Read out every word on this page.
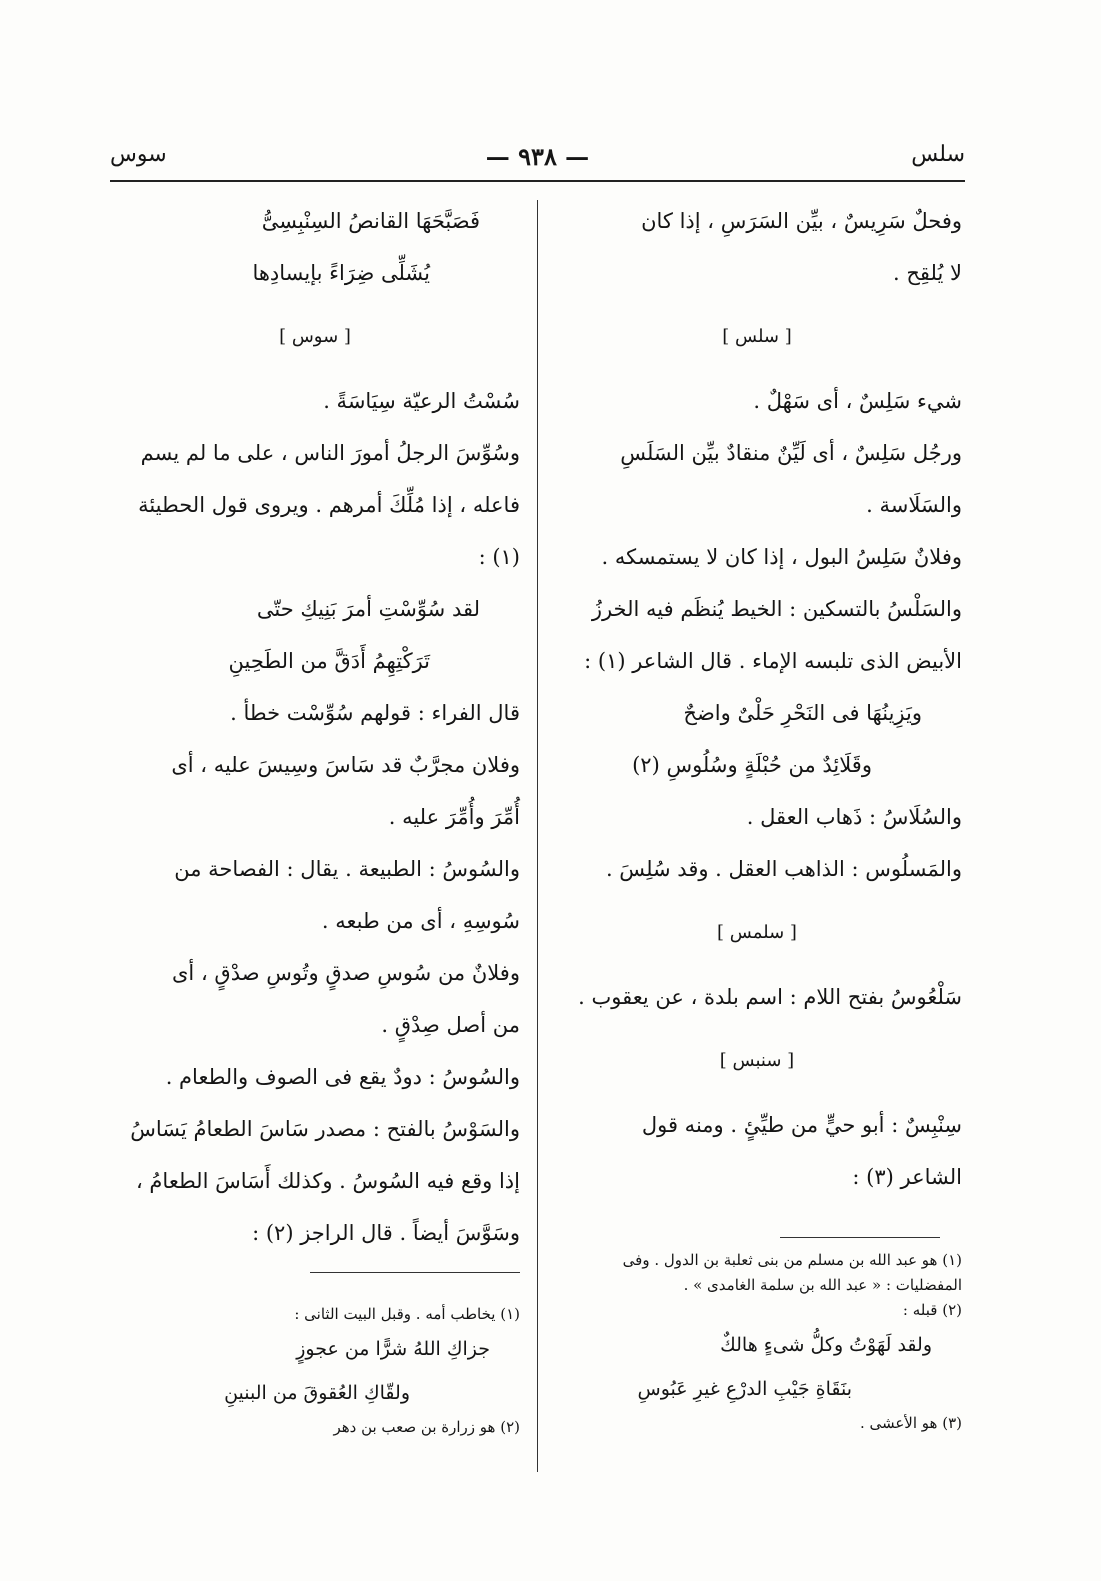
سلس
— ٩٣٨ —
سوس

وفحلٌ سَرِيسٌ ، بيِّن السَرَسِ ، إذا كان

لا يُلقِح .

[ سلس ]

شيء سَلِسٌ ، أى سَهْلٌ .

ورجُل سَلِسٌ ، أى لَيِّنٌ منقادٌ بيِّن السَلَسِ

والسَلَاسة .

وفلانٌ سَلِسُ البول ، إذا كان لا يستمسكه .

والسَلْسُ بالتسكين : الخيط يُنظَم فيه الخرزُ

الأبيض الذى تلبسه الإماء . قال الشاعر (١) :

ويَزِينُهَا فى النَحْرِ حَلْىٌ واضحٌ

وقَلَائِدٌ من حُبْلَةٍ وسُلُوسِ (٢)

والسُلَاسُ : ذَهاب العقل .

والمَسلُوس : الذاهب العقل . وقد سُلِسَ .

[ سلمس ]

سَلْعُوسُ بفتح اللام : اسم بلدة ، عن يعقوب .

[ سنبس ]

سِنْبِسٌ : أبو حيٍّ من طيِّئٍ . ومنه قول

الشاعر (٣) :

فَصَبَّحَهَا القانصُ السِنْبِسِىُّ

يُشَلِّى ضِرَاءً بإيسادِها

[ سوس ]

سُسْتُ الرعيّة سِيَاسَةً .

وسُوِّسَ الرجلُ أمورَ الناس ، على ما لم يسم

فاعله ، إذا مُلِّكَ أمرهم . ويروى قول الحطيئة (١) :

لقد سُوِّسْتِ أمرَ بَنِيكِ حتّى

تَرَكْتِهِمُ أَدَقَّ من الطَحِينِ

قال الفراء : قولهم سُوِّسْت خطأ .

وفلان مجرَّبٌ قد سَاسَ وسِيسَ عليه ، أى

أُمِّرَ وأُمِّرَ عليه .

والسُوسُ : الطبيعة . يقال : الفصاحة من

سُوسِهِ ، أى من طبعه .

وفلانٌ من سُوسِ صدقٍ وتُوسِ صدْقٍ ، أى

من أصل صِدْقٍ .

والسُوسُ : دودٌ يقع فى الصوف والطعام .

والسَوْسُ بالفتح : مصدر سَاسَ الطعامُ يَسَاسُ

إذا وقع فيه السُوسُ . وكذلك أَسَاسَ الطعامُ ،

وسَوَّسَ أيضاً . قال الراجز (٢) :

(١) هو عبد الله بن مسلم من بنى ثعلبة بن الدول . وفى

المفضليات : « عبد الله بن سلمة الغامدى » .

(٢) قبله :

ولقد لَهَوْتُ وكلُّ شىءٍ هالكٌ

بنَقَاةِ جَيْبِ الدرْعِ غيرِ عَبُوسِ

(٣) هو الأعشى .

(١) يخاطب أمه . وقبل البيت الثانى :

جزاكِ اللهُ شرًّا من عجوزٍ

ولقّاكِ العُقوقَ من البنينِ

(٢) هو زرارة بن صعب بن دهر
